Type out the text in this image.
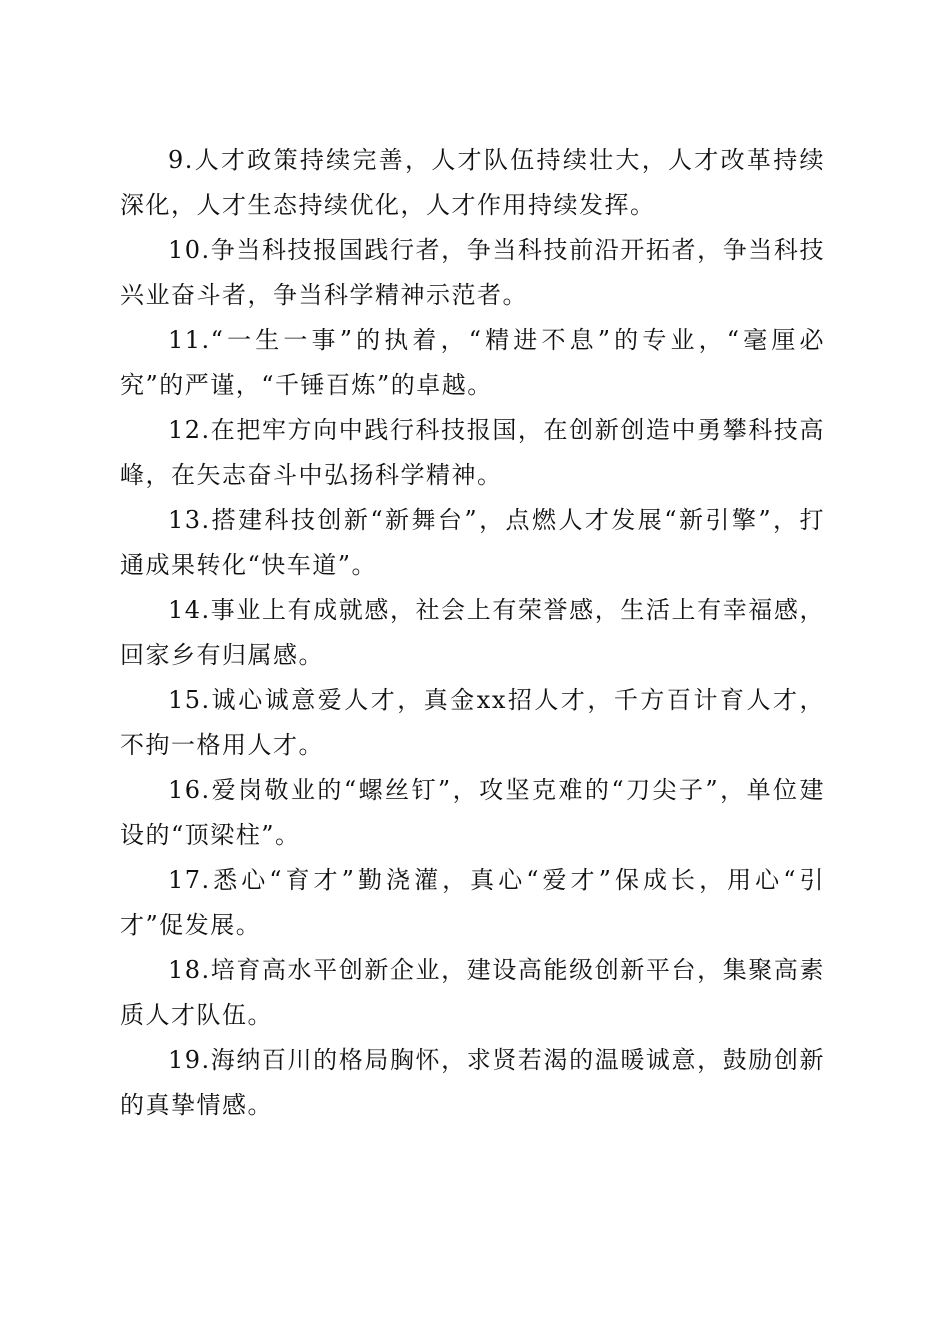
9.人才政策持续完善，人才队伍持续壮大，人才改革持续深化，人才生态持续优化，人才作用持续发挥。

10.争当科技报国践行者，争当科技前沿开拓者，争当科技兴业奋斗者，争当科学精神示范者。

11.“一生一事”的执着，“精进不息”的专业，“毫厘必究”的严谨，“千锤百炼”的卓越。

12.在把牢方向中践行科技报国，在创新创造中勇攀科技高峰，在矢志奋斗中弘扬科学精神。

13.搭建科技创新“新舞台”，点燃人才发展“新引擎”，打通成果转化“快车道”。

14.事业上有成就感，社会上有荣誉感，生活上有幸福感，回家乡有归属感。

15.诚心诚意爱人才，真金xx招人才，千方百计育人才，不拘一格用人才。

16.爱岗敬业的“螺丝钉”，攻坚克难的“刀尖子”，单位建设的“顶梁柱”。

17.悉心“育才”勤浇灌，真心“爱才”保成长，用心“引才”促发展。

18.培育高水平创新企业，建设高能级创新平台，集聚高素质人才队伍。

19.海纳百川的格局胸怀，求贤若渴的温暖诚意，鼓励创新的真挚情感。
